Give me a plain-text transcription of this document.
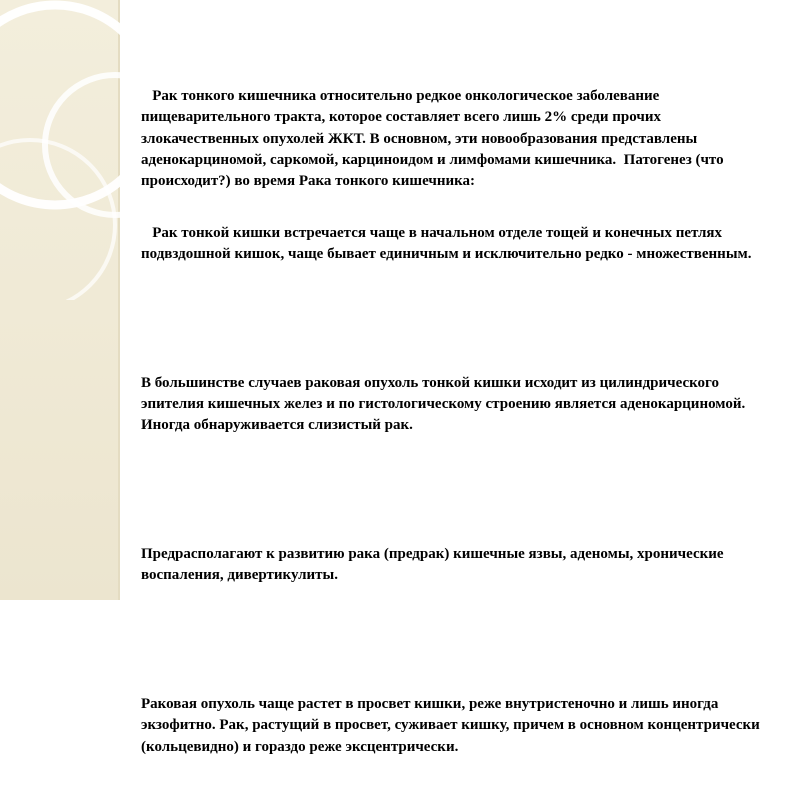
Рак тонкого кишечника относительно редкое онкологическое заболевание пищеварительного тракта, которое составляет всего лишь 2% среди прочих злокачественных опухолей ЖКТ. В основном, эти новообразования представлены аденокарциномой, саркомой, карциноидом и лимфомами кишечника.  Патогенез (что происходит?) во время Рака тонкого кишечника:

Рак тонкой кишки встречается чаще в начальном отделе тощей и конечных петлях подвздошной кишок, чаще бывает единичным и исключительно редко - множественным.

В большинстве случаев раковая опухоль тонкой кишки исходит из цилиндрического эпителия кишечных желез и по гистологическому строению является аденокарциномой. Иногда обнаруживается слизистый рак.

Предрасполагают к развитию рака (предрак) кишечные язвы, аденомы, хронические воспаления, дивертикулиты.

Раковая опухоль чаще растет в просвет кишки, реже внутристеночно и лишь иногда экзофитно. Рак, растущий в просвет, суживает кишку, причем в основном концентрически (кольцевидно) и гораздо реже эксцентрически.
